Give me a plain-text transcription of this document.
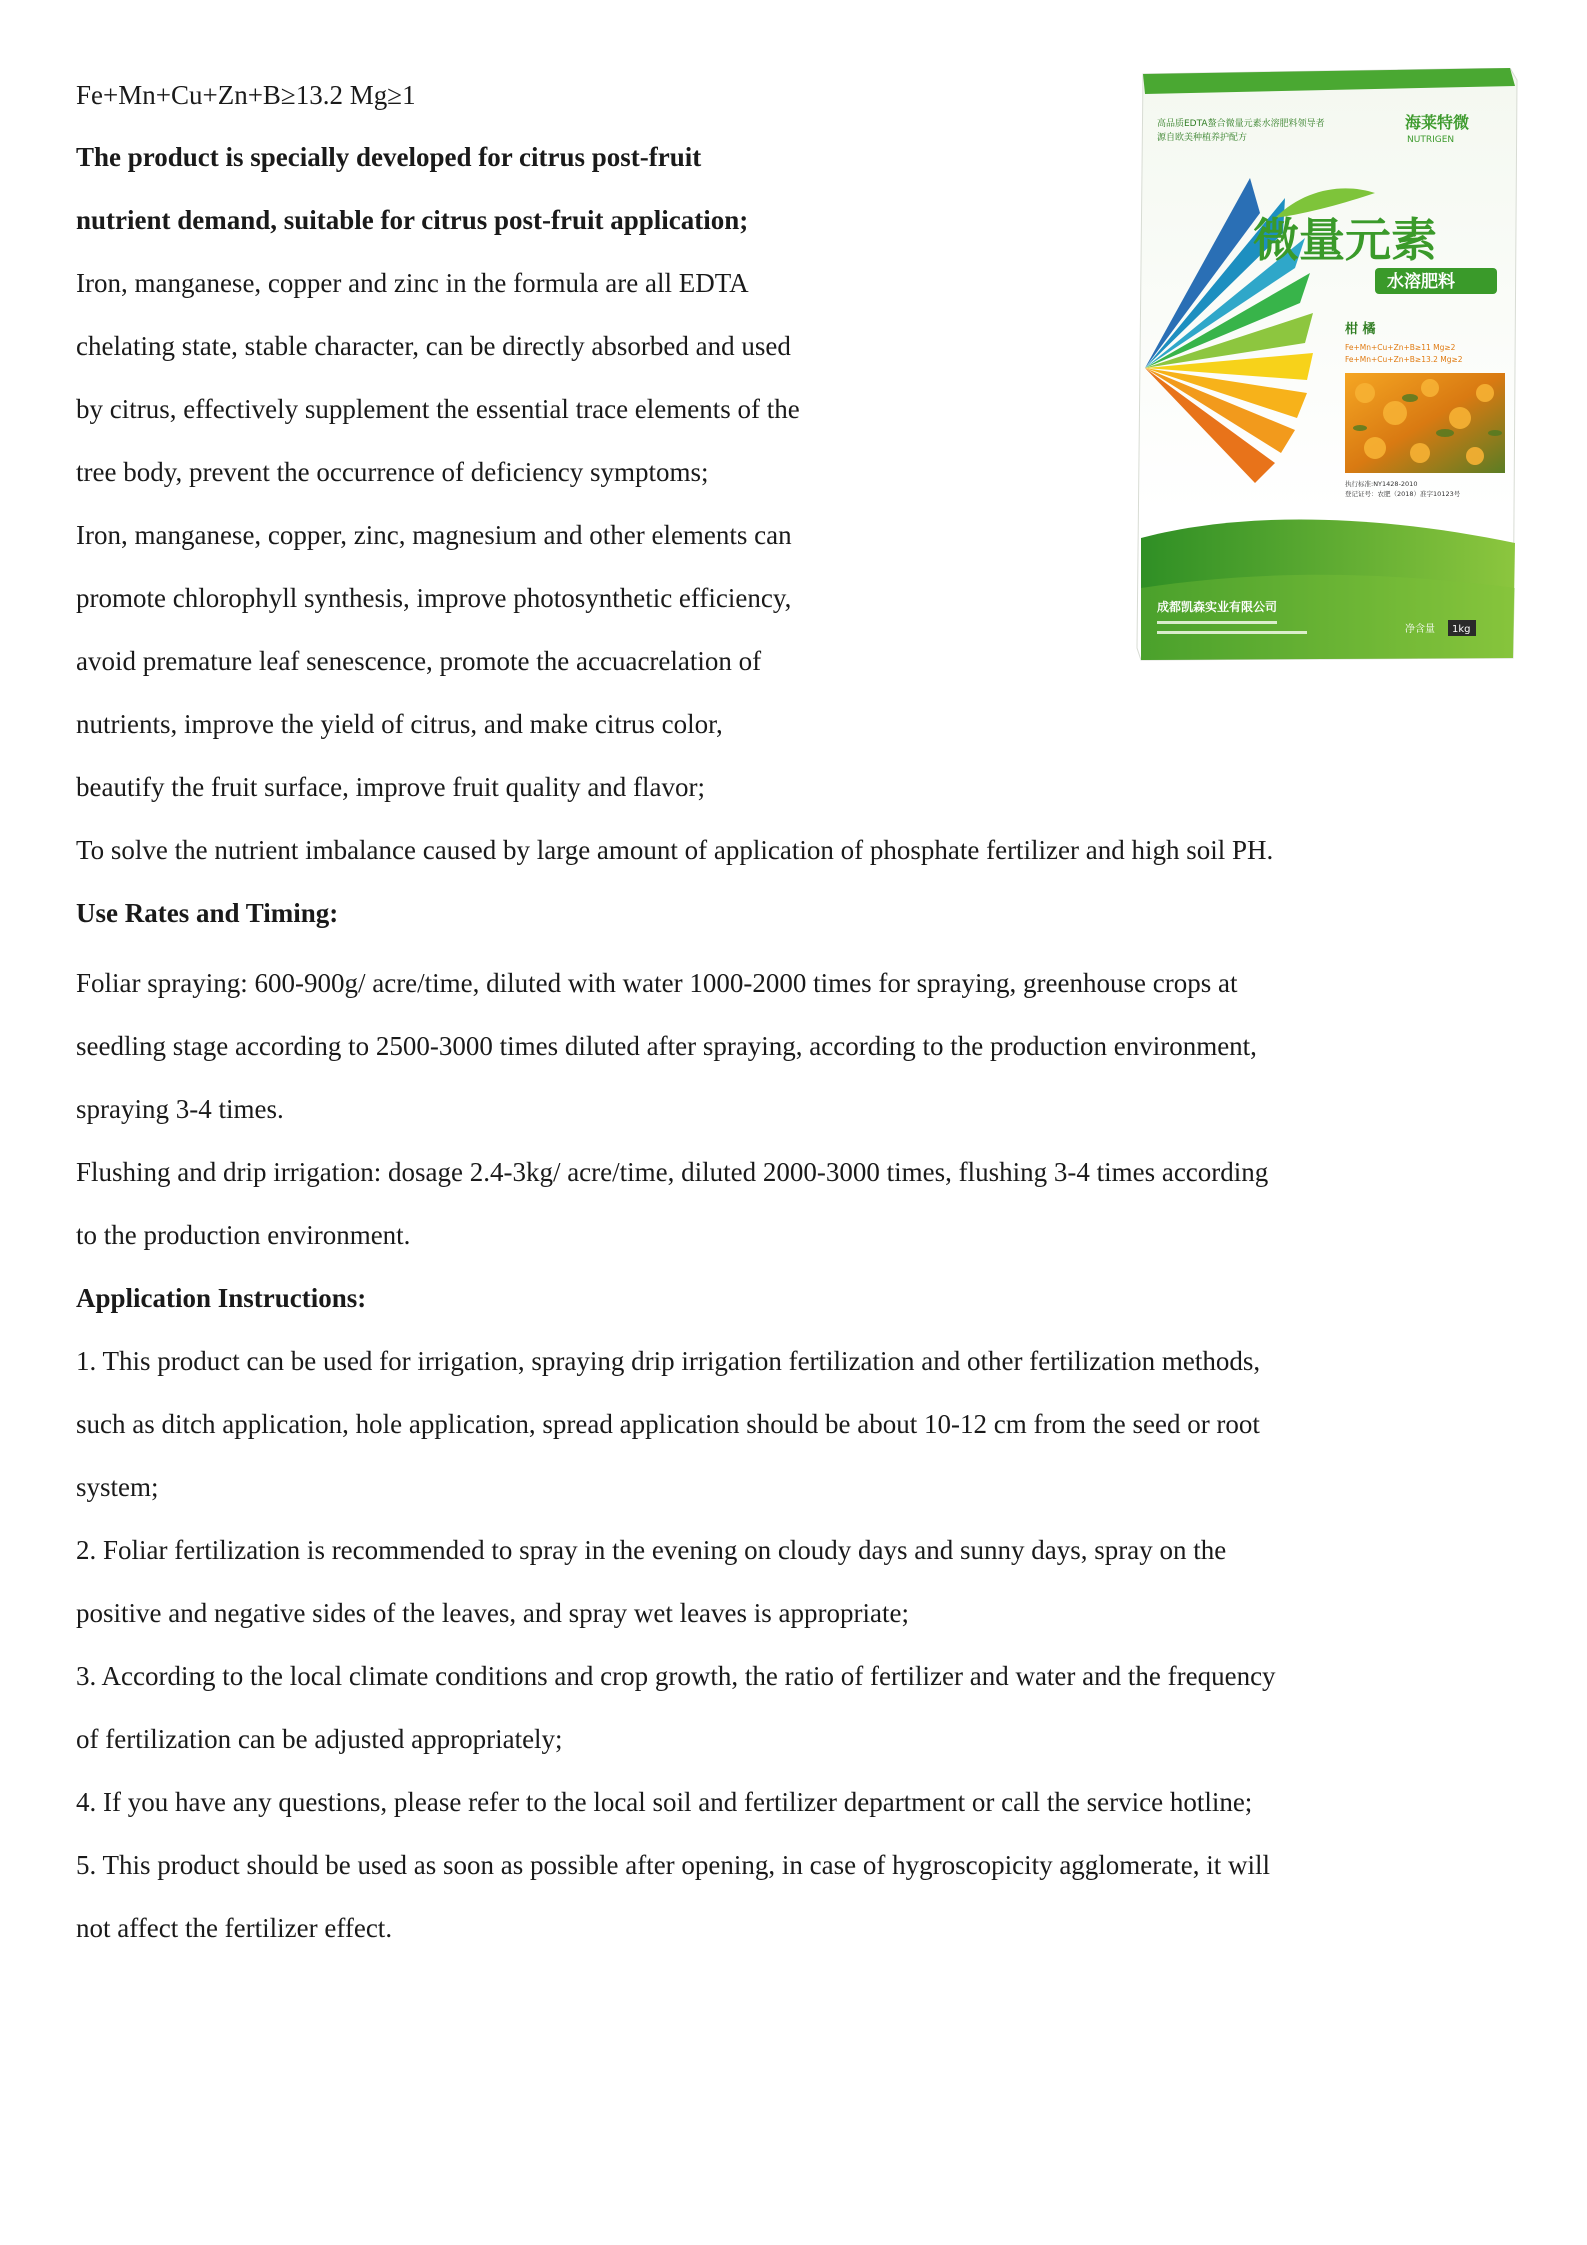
Fe+Mn+Cu+Zn+B≥13.2 Mg≥1
The product is specially developed for citrus post-fruit
nutrient demand, suitable for citrus post-fruit application;
Iron, manganese, copper and zinc in the formula are all EDTA
chelating state, stable character, can be directly absorbed and used
by citrus, effectively supplement the essential trace elements of the
tree body, prevent the occurrence of deficiency symptoms;
Iron, manganese, copper, zinc, magnesium and other elements can
promote chlorophyll synthesis, improve photosynthetic efficiency,
avoid premature leaf senescence, promote the accuacrelation of
nutrients, improve the yield of citrus, and make citrus color,
beautify the fruit surface, improve fruit quality and flavor;
To solve the nutrient imbalance caused by large amount of application of phosphate fertilizer and high soil PH.
Use Rates and Timing:
Foliar spraying: 600-900g/ acre/time, diluted with water 1000-2000 times for spraying, greenhouse crops at
seedling stage according to 2500-3000 times diluted after spraying, according to the production environment,
spraying 3-4 times.
Flushing and drip irrigation: dosage 2.4-3kg/ acre/time, diluted 2000-3000 times, flushing 3-4 times according
to the production environment.
Application Instructions:
1. This product can be used for irrigation, spraying drip irrigation fertilization and other fertilization methods,
such as ditch application, hole application, spread application should be about 10-12 cm from the seed or root
system;
2. Foliar fertilization is recommended to spray in the evening on cloudy days and sunny days, spray on the
positive and negative sides of the leaves, and spray wet leaves is appropriate;
3. According to the local climate conditions and crop growth, the ratio of fertilizer and water and the frequency
of fertilization can be adjusted appropriately;
4. If you have any questions, please refer to the local soil and fertilizer department or call the service hotline;
5. This product should be used as soon as possible after opening, in case of hygroscopicity agglomerate, it will
not affect the fertilizer effect.
高品质EDTA螯合微量元素水溶肥料领导者
源自欧美种植养护配方
海莱特微
NUTRIGEN
微量元素
水溶肥料
柑 橘
Fe+Mn+Cu+Zn+B≥11 Mg≥2
Fe+Mn+Cu+Zn+B≥13.2 Mg≥2
执行标准:NY1428-2010
登记证号：农肥（2018）准字10123号
成都凯森实业有限公司
净含量 1kg
